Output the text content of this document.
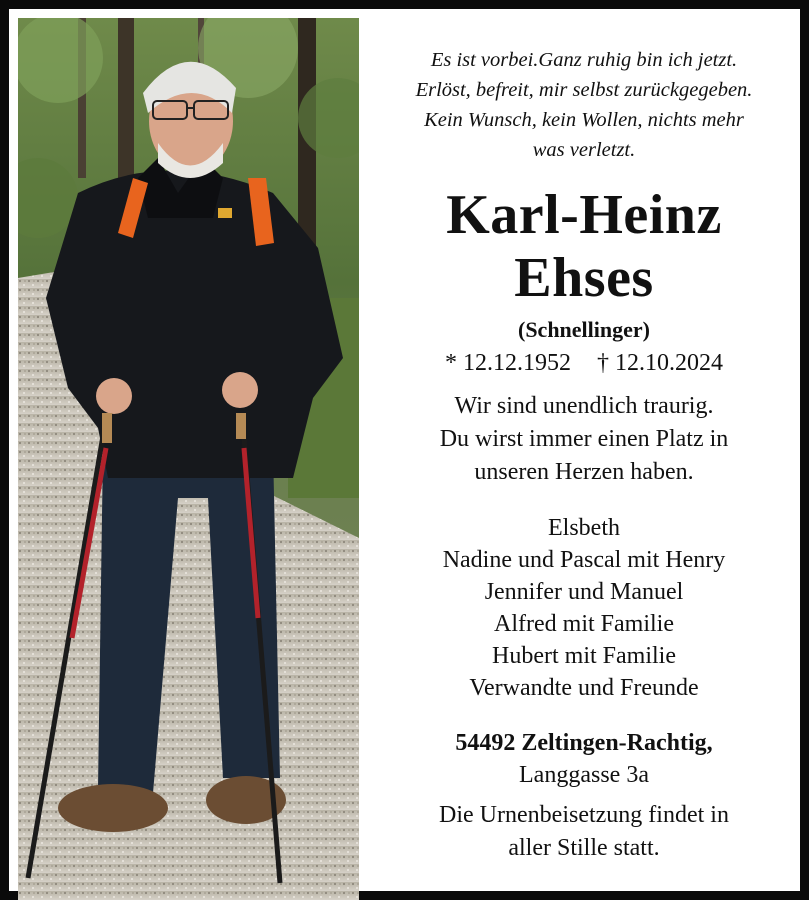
Es ist vorbei.Ganz ruhig bin ich jetzt.
Erlöst, befreit, mir selbst zurückgegeben.
Kein Wunsch, kein Wollen, nichts mehr
was verletzt.
Karl-Heinz
Ehses
(Schnellinger)
* 12.12.1952 † 12.10.2024
Wir sind unendlich traurig.
Du wirst immer einen Platz in
unseren Herzen haben.
Elsbeth
Nadine und Pascal mit Henry
Jennifer und Manuel
Alfred mit Familie
Hubert mit Familie
Verwandte und Freunde
54492 Zeltingen-Rachtig,
Langgasse 3a
Die Urnenbeisetzung findet in
aller Stille statt.
